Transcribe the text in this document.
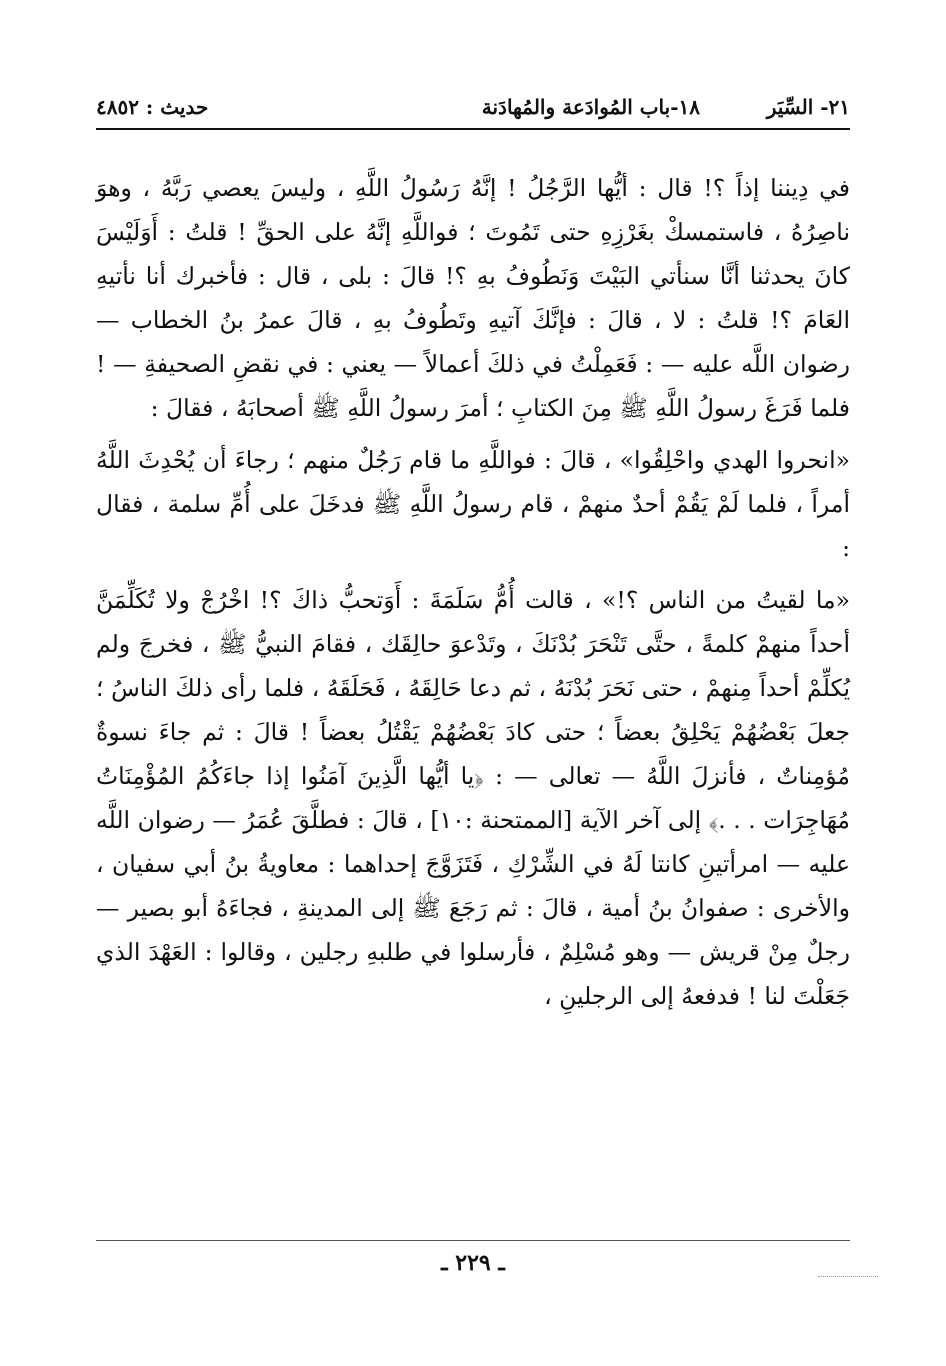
٢١- السِّيَر
١٨-باب المُوادَعة والمُهادَنة
حديث : ٤٨٥٢

في دِيننا إذاً ؟! قال : أيُّها الرَّجُلُ ! إنَّهُ رَسُولُ اللَّهِ ، وليسَ يعصي رَبَّهُ ، وهوَ ناصِرُهُ ، فاستمسكْ بغَرْزِهِ حتى تَمُوتَ ؛ فواللَّهِ إنَّهُ على الحقِّ ! قلتُ : أَوَلَيْسَ كانَ يحدثنا أنَّا سنأتي البَيْتَ وَنَطُوفُ بهِ ؟! قالَ : بلى ، قال : فأخبرك أنا نأتيهِ العَامَ ؟! قلتُ : لا ، قالَ : فإنَّكَ آتيهِ وتَطُوفُ بهِ ، قالَ عمرُ بنُ الخطاب — رضوان اللَّه عليه — : فَعَمِلْتُ في ذلكَ أعمالاً — يعني : في نقضِ الصحيفةِ — ! فلما فَرَغَ رسولُ اللَّهِ ﷺ مِنَ الكتابِ ؛ أمرَ رسولُ اللَّهِ ﷺ أصحابَهُ ، فقالَ :

«انحروا الهدي واحْلِقُوا» ، قالَ : فواللَّهِ ما قام رَجُلٌ منهم ؛ رجاءَ أن يُحْدِثَ اللَّهُ أمراً ، فلما لَمْ يَقُمْ أحدٌ منهمْ ، قام رسولُ اللَّهِ ﷺ فدخَلَ على أُمِّ سلمة ، فقال :

«ما لقيتُ من الناس ؟!» ، قالت أُمُّ سَلَمَةَ : أَوَتحبُّ ذاكَ ؟! اخْرُجْ ولا تُكَلِّمَنَّ أحداً منهمْ كلمةً ، حتَّى تَنْحَرَ بُدْنَكَ ، وتَدْعوَ حالِقَك ، فقامَ النبيُّ ﷺ ، فخرجَ ولم يُكلِّمْ أحداً مِنهمْ ، حتى نَحَرَ بُدْنَهُ ، ثم دعا حَالِقَهُ ، فَحَلَقَهُ ، فلما رأى ذلكَ الناسُ ؛ جعلَ بَعْضُهُمْ يَحْلِقُ بعضاً ؛ حتى كادَ بَعْضُهُمْ يَقْتُلُ بعضاً ! قالَ : ثم جاءَ نسوةٌ مُؤمِناتٌ ، فأنزلَ اللَّهُ — تعالى — : ﴿يا أيُّها الَّذِينَ آمَنُوا إذا جاءَكُمُ المُؤْمِنَاتُ مُهَاجِرَات . . .﴾ إلى آخر الآية [الممتحنة :١٠] ، قالَ : فطلَّقَ عُمَرُ — رضوان اللَّه عليه — امرأتينِ كانتا لَهُ في الشِّرْكِ ، فَتَزَوَّجَ إحداهما : معاويةُ بنُ أبي سفيان ، والأخرى : صفوانُ بنُ أمية ، قالَ : ثم رَجَعَ ﷺ إلى المدينةِ ، فجاءَهُ أبو بصير — رجلٌ مِنْ قريش — وهو مُسْلِمٌ ، فأرسلوا في طلبهِ رجلين ، وقالوا : العَهْدَ الذي جَعَلْتَ لنا ! فدفعهُ إلى الرجلينِ ،

ـ ٢٢٩ ـ
